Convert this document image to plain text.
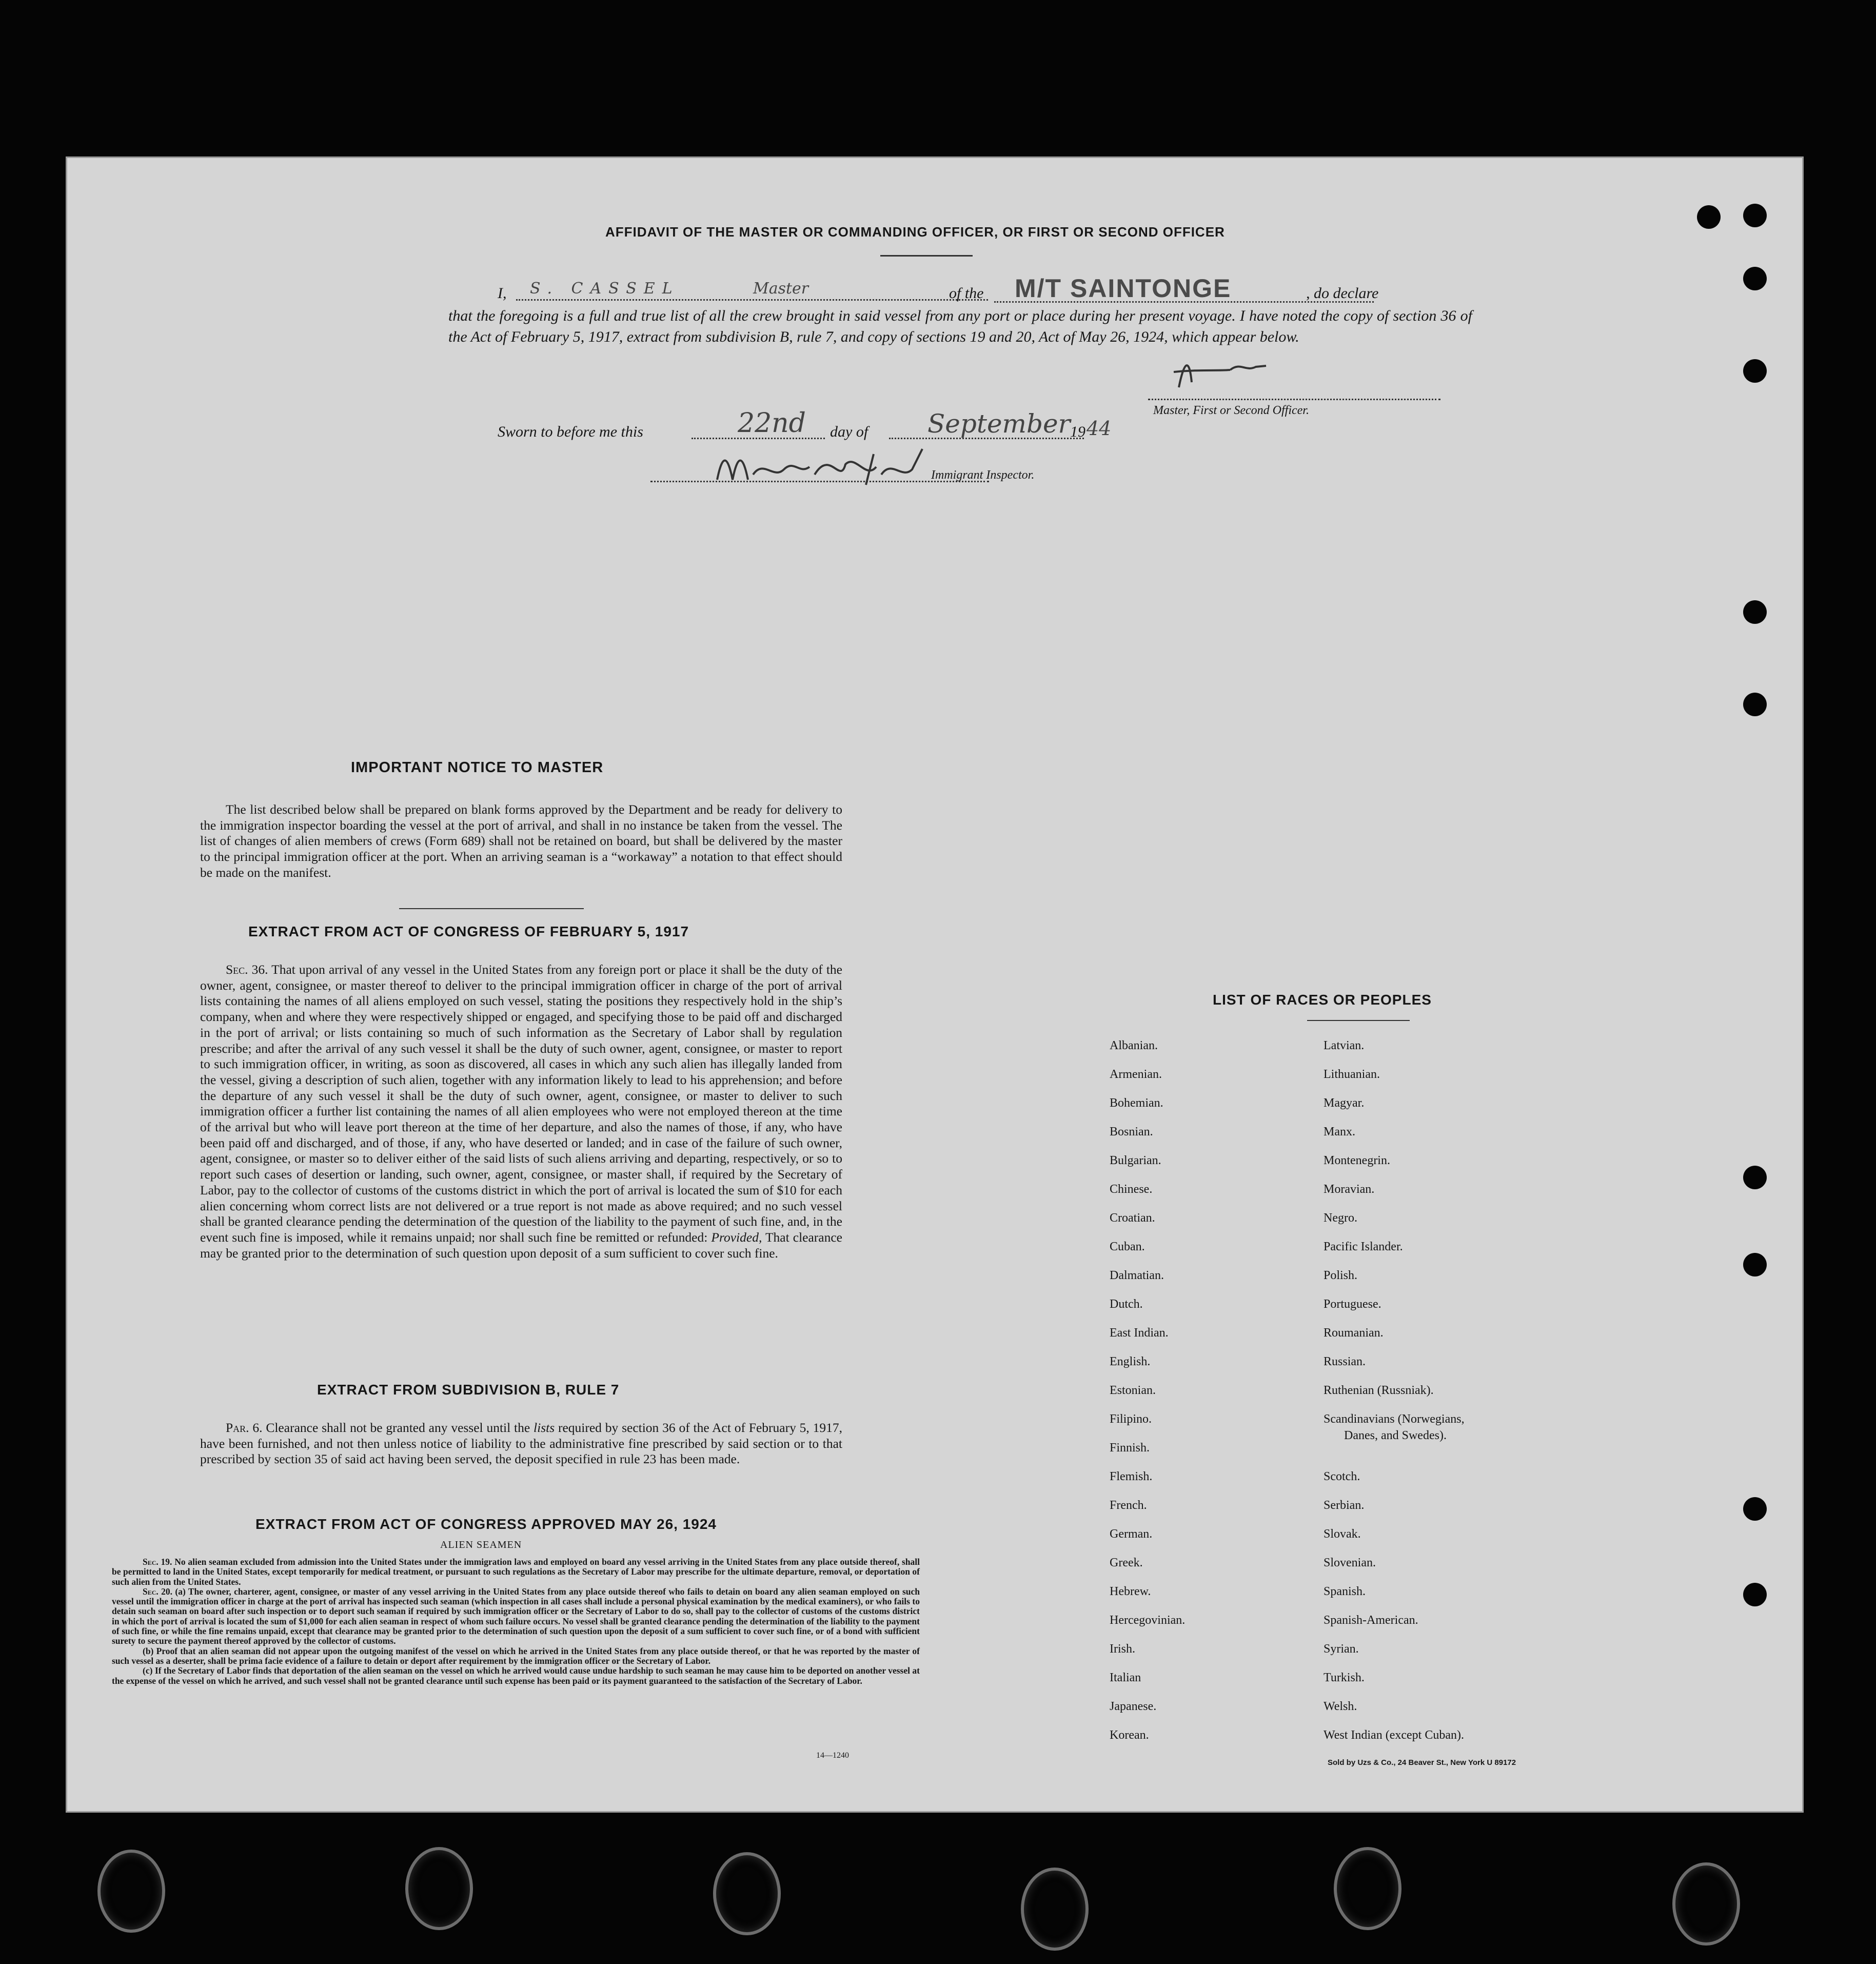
AFFIDAVIT OF THE MASTER OR COMMANDING OFFICER, OR FIRST OR SECOND OFFICER
I, S. CASSEL	Master	of the M/T SAINTONGE	, do declare
that the foregoing is a full and true list of all the crew brought in said vessel from any port or place during her present voyage. I have noted the copy of section 36 of the Act of February 5, 1917, extract from subdivision B, rule 7, and copy of sections 19 and 20, Act of May 26, 1924, which appear below.
Master, First or Second Officer.
Sworn to before me this	22nd day of September 19 44
Immigrant Inspector.
IMPORTANT NOTICE TO MASTER
The list described below shall be prepared on blank forms approved by the Department and be ready for delivery to the immigration inspector boarding the vessel at the port of arrival, and shall in no instance be taken from the vessel. The list of changes of alien members of crews (Form 689) shall not be retained on board, but shall be delivered by the master to the principal immigration officer at the port. When an arriving seaman is a “workaway” a notation to that effect should be made on the manifest.
EXTRACT FROM ACT OF CONGRESS OF FEBRUARY 5, 1917
Sec. 36. That upon arrival of any vessel in the United States from any foreign port or place it shall be the duty of the owner, agent, consignee, or master thereof to deliver to the principal immigration officer in charge of the port of arrival lists containing the names of all aliens employed on such vessel, stating the positions they respectively hold in the ship’s company, when and where they were respectively shipped or engaged, and specifying those to be paid off and discharged in the port of arrival; or lists containing so much of such information as the Secretary of Labor shall by regulation prescribe; and after the arrival of any such vessel it shall be the duty of such owner, agent, consignee, or master to report to such immigration officer, in writing, as soon as discovered, all cases in which any such alien has illegally landed from the vessel, giving a description of such alien, together with any information likely to lead to his apprehension; and before the departure of any such vessel it shall be the duty of such owner, agent, consignee, or master to deliver to such immigration officer a further list containing the names of all alien employees who were not employed thereon at the time of the arrival but who will leave port thereon at the time of her departure, and also the names of those, if any, who have been paid off and discharged, and of those, if any, who have deserted or landed; and in case of the failure of such owner, agent, consignee, or master so to deliver either of the said lists of such aliens arriving and departing, respectively, or so to report such cases of desertion or landing, such owner, agent, consignee, or master shall, if required by the Secretary of Labor, pay to the collector of customs of the customs district in which the port of arrival is located the sum of $10 for each alien concerning whom correct lists are not delivered or a true report is not made as above required; and no such vessel shall be granted clearance pending the determination of the question of the liability to the payment of such fine, and, in the event such fine is imposed, while it remains unpaid; nor shall such fine be remitted or refunded: Provided, That clearance may be granted prior to the determination of such question upon deposit of a sum sufficient to cover such fine.
EXTRACT FROM SUBDIVISION B, RULE 7
Par. 6. Clearance shall not be granted any vessel until the lists required by section 36 of the Act of February 5, 1917, have been furnished, and not then unless notice of liability to the administrative fine prescribed by said section or to that prescribed by section 35 of said act having been served, the deposit specified in rule 23 has been made.
EXTRACT FROM ACT OF CONGRESS APPROVED MAY 26, 1924
ALIEN SEAMEN
Sec. 19. No alien seaman excluded from admission into the United States under the immigration laws and employed on board any vessel arriving in the United States from any place outside thereof, shall be permitted to land in the United States, except temporarily for medical treatment, or pursuant to such regulations as the Secretary of Labor may prescribe for the ultimate departure, removal, or deportation of such alien from the United States.
Sec. 20. (a) The owner, charterer, agent, consignee, or master of any vessel arriving in the United States from any place outside thereof who fails to detain on board any alien seaman employed on such vessel until the immigration officer in charge at the port of arrival has inspected such seaman (which inspection in all cases shall include a personal physical examination by the medical examiners), or who fails to detain such seaman on board after such inspection or to deport such seaman if required by such immigration officer or the Secretary of Labor to do so, shall pay to the collector of customs of the customs district in which the port of arrival is located the sum of $1,000 for each alien seaman in respect of whom such failure occurs. No vessel shall be granted clearance pending the determination of the liability to the payment of such fine, or while the fine remains unpaid, except that clearance may be granted prior to the determination of such question upon the deposit of a sum sufficient to cover such fine, or of a bond with sufficient surety to secure the payment thereof approved by the collector of customs.
(b) Proof that an alien seaman did not appear upon the outgoing manifest of the vessel on which he arrived in the United States from any place outside thereof, or that he was reported by the master of such vessel as a deserter, shall be prima facie evidence of a failure to detain or deport after requirement by the immigration officer or the Secretary of Labor.
(c) If the Secretary of Labor finds that deportation of the alien seaman on the vessel on which he arrived would cause undue hardship to such seaman he may cause him to be deported on another vessel at the expense of the vessel on which he arrived, and such vessel shall not be granted clearance until such expense has been paid or its payment guaranteed to the satisfaction of the Secretary of Labor.
14—1240
LIST OF RACES OR PEOPLES
Albanian.
Armenian.
Bohemian.
Bosnian.
Bulgarian.
Chinese.
Croatian.
Cuban.
Dalmatian.
Dutch.
East Indian.
English.
Estonian.
Filipino.
Finnish.
Flemish.
French.
German.
Greek.
Hebrew.
Hercegovinian.
Irish.
Italian
Japanese.
Korean.
Latvian.
Lithuanian.
Magyar.
Manx.
Montenegrin.
Moravian.
Negro.
Pacific Islander.
Polish.
Portuguese.
Roumanian.
Russian.
Ruthenian (Russniak).
Scandinavians (Norwegians,
Danes, and Swedes).
Scotch.
Serbian.
Slovak.
Slovenian.
Spanish.
Spanish-American.
Syrian.
Turkish.
Welsh.
West Indian (except Cuban).
Sold by Uzs & Co., 24 Beaver St., New York U 89172
